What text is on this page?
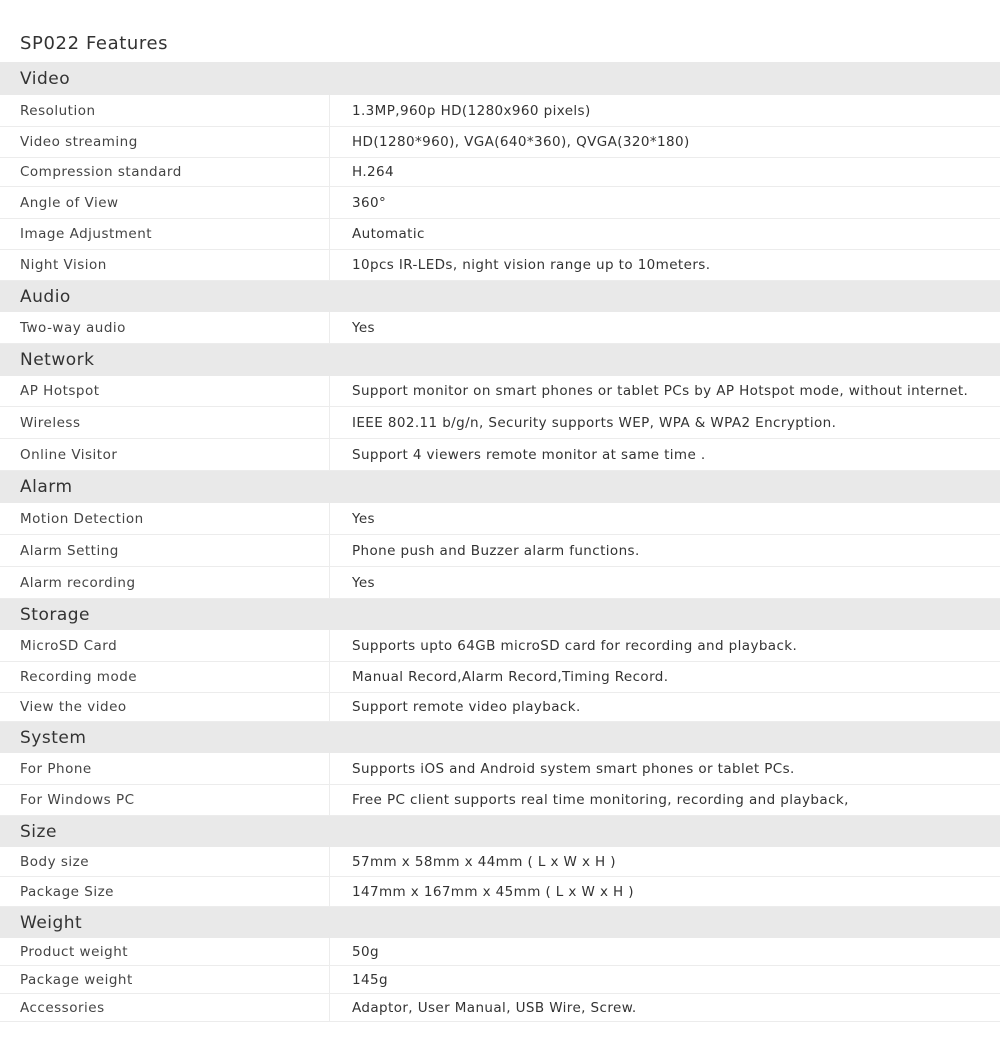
SP022 Features
Video
Resolution	1.3MP,960p HD(1280x960 pixels)
Video streaming	HD(1280*960), VGA(640*360), QVGA(320*180)
Compression standard	H.264
Angle of View	360°
Image Adjustment	Automatic
Night Vision	10pcs IR-LEDs, night vision range up to 10meters.
Audio
Two-way audio	Yes
Network
AP Hotspot	Support monitor on smart phones or tablet PCs by AP Hotspot mode, without internet.
Wireless	IEEE 802.11 b/g/n, Security supports WEP, WPA & WPA2 Encryption.
Online Visitor	Support 4 viewers remote monitor at same time .
Alarm
Motion Detection	Yes
Alarm Setting	Phone push and Buzzer alarm functions.
Alarm recording	Yes
Storage
MicroSD Card	Supports upto 64GB microSD card for recording and playback.
Recording mode	Manual Record,Alarm Record,Timing Record.
View the video	Support remote video playback.
System
For Phone	Supports iOS and Android system smart phones or tablet PCs.
For Windows PC	Free PC client supports real time monitoring, recording and playback,
Size
Body size	57mm x 58mm x 44mm ( L x W x H )
Package Size	147mm x 167mm x 45mm ( L x W x H )
Weight
Product weight	50g
Package weight	145g
Accessories	Adaptor, User Manual, USB Wire, Screw.
